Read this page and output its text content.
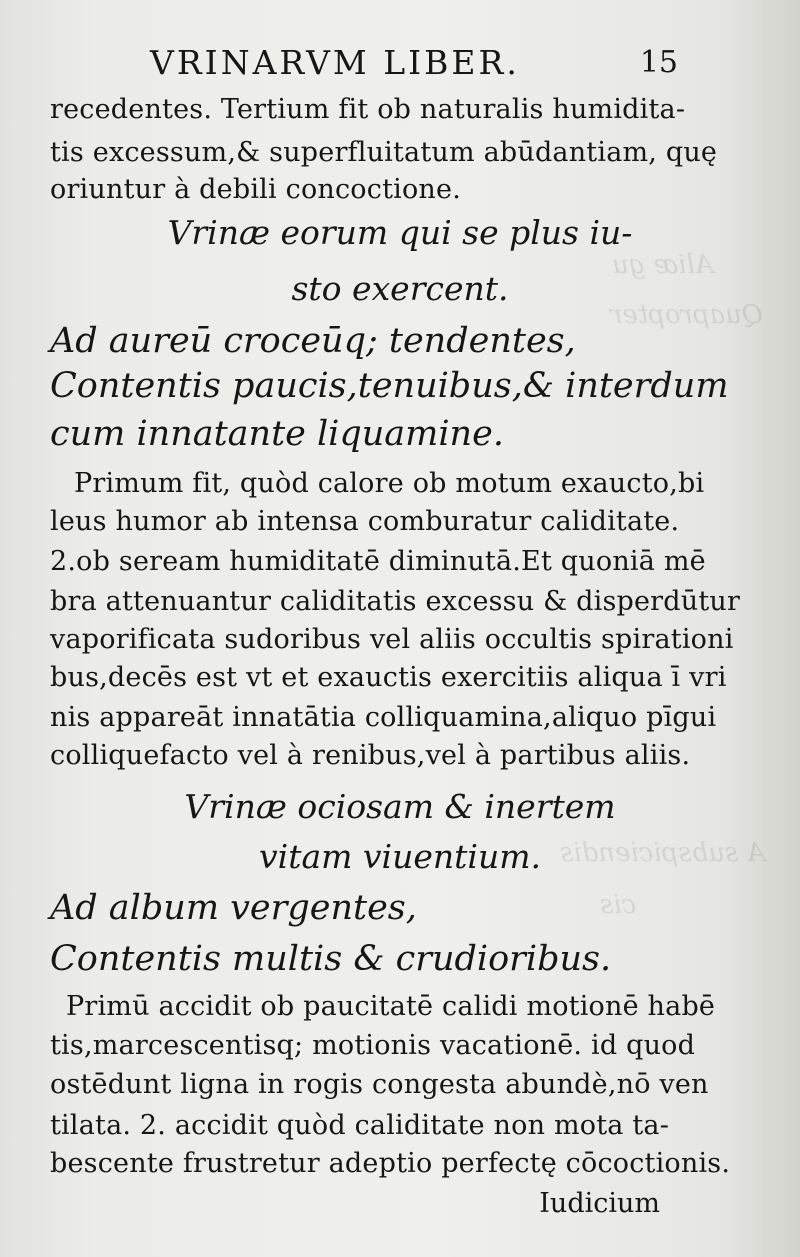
Aliæ gu
Quapropter
A subspiciendis
cis
VRINARVM LIBER.	15
recedentes. Tertium fit ob naturalis humidita-
tis excessum,& superfluitatum abūdantiam, quę
oriuntur à debili concoctione.
Vrinæ eorum qui se plus iu-
sto exercent.
Ad aureū croceūq; tendentes,
Contentis paucis,tenuibus,& interdum
cum innatante liquamine.
Primum fit, quòd calore ob motum exaucto,bi
leus humor ab intensa comburatur caliditate.
2.ob seream humiditatē diminutā.Et quoniā mē
bra attenuantur caliditatis excessu & disperdūtur
vaporificata sudoribus vel aliis occultis spirationi
bus,decēs est vt et exauctis exercitiis aliqua ī vri
nis appareāt innatātia colliquamina,aliquo pīgui
colliquefacto vel à renibus,vel à partibus aliis.
Vrinæ ociosam & inertem
vitam viuentium.
Ad album vergentes,
Contentis multis & crudioribus.
Primū accidit ob paucitatē calidi motionē habē
tis,marcescentisq; motionis vacationē. id quod
ostēdunt ligna in rogis congesta abundè,nō ven
tilata. 2. accidit quòd caliditate non mota ta-
bescente frustretur adeptio perfectę cōcoctionis.
Iudicium
